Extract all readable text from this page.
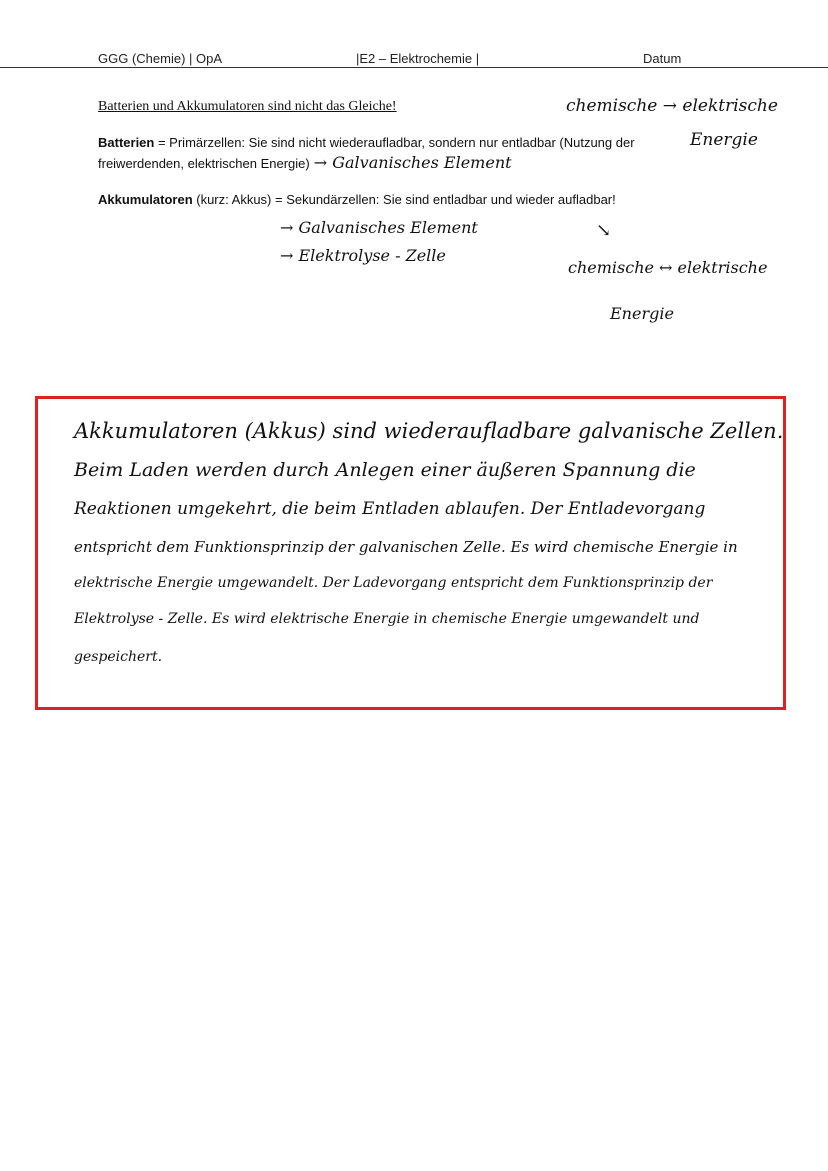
GGG (Chemie) | OpA	|E2 – Elektrochemie |	Datum
Batterien und Akkumulatoren sind nicht das Gleiche!
Batterien = Primärzellen: Sie sind nicht wiederaufladbar, sondern nur entladbar (Nutzung der
freiwerdenden, elektrischen Energie) → Galvanisches Element
Akkumulatoren (kurz: Akkus) = Sekundärzellen: Sie sind entladbar und wieder aufladbar!
chemische → elektrische
Energie
→ Galvanisches Element
→ Elektrolyse - Zelle
↘
chemische ↔ elektrische
Energie
Akkumulatoren (Akkus) sind wiederaufladbare galvanische Zellen.
Beim Laden werden durch Anlegen einer äußeren Spannung die
Reaktionen umgekehrt, die beim Entladen ablaufen. Der Entladevorgang
entspricht dem Funktionsprinzip der galvanischen Zelle. Es wird chemische Energie in
elektrische Energie umgewandelt. Der Ladevorgang entspricht dem Funktionsprinzip der
Elektrolyse - Zelle. Es wird elektrische Energie in chemische Energie umgewandelt und
gespeichert.
